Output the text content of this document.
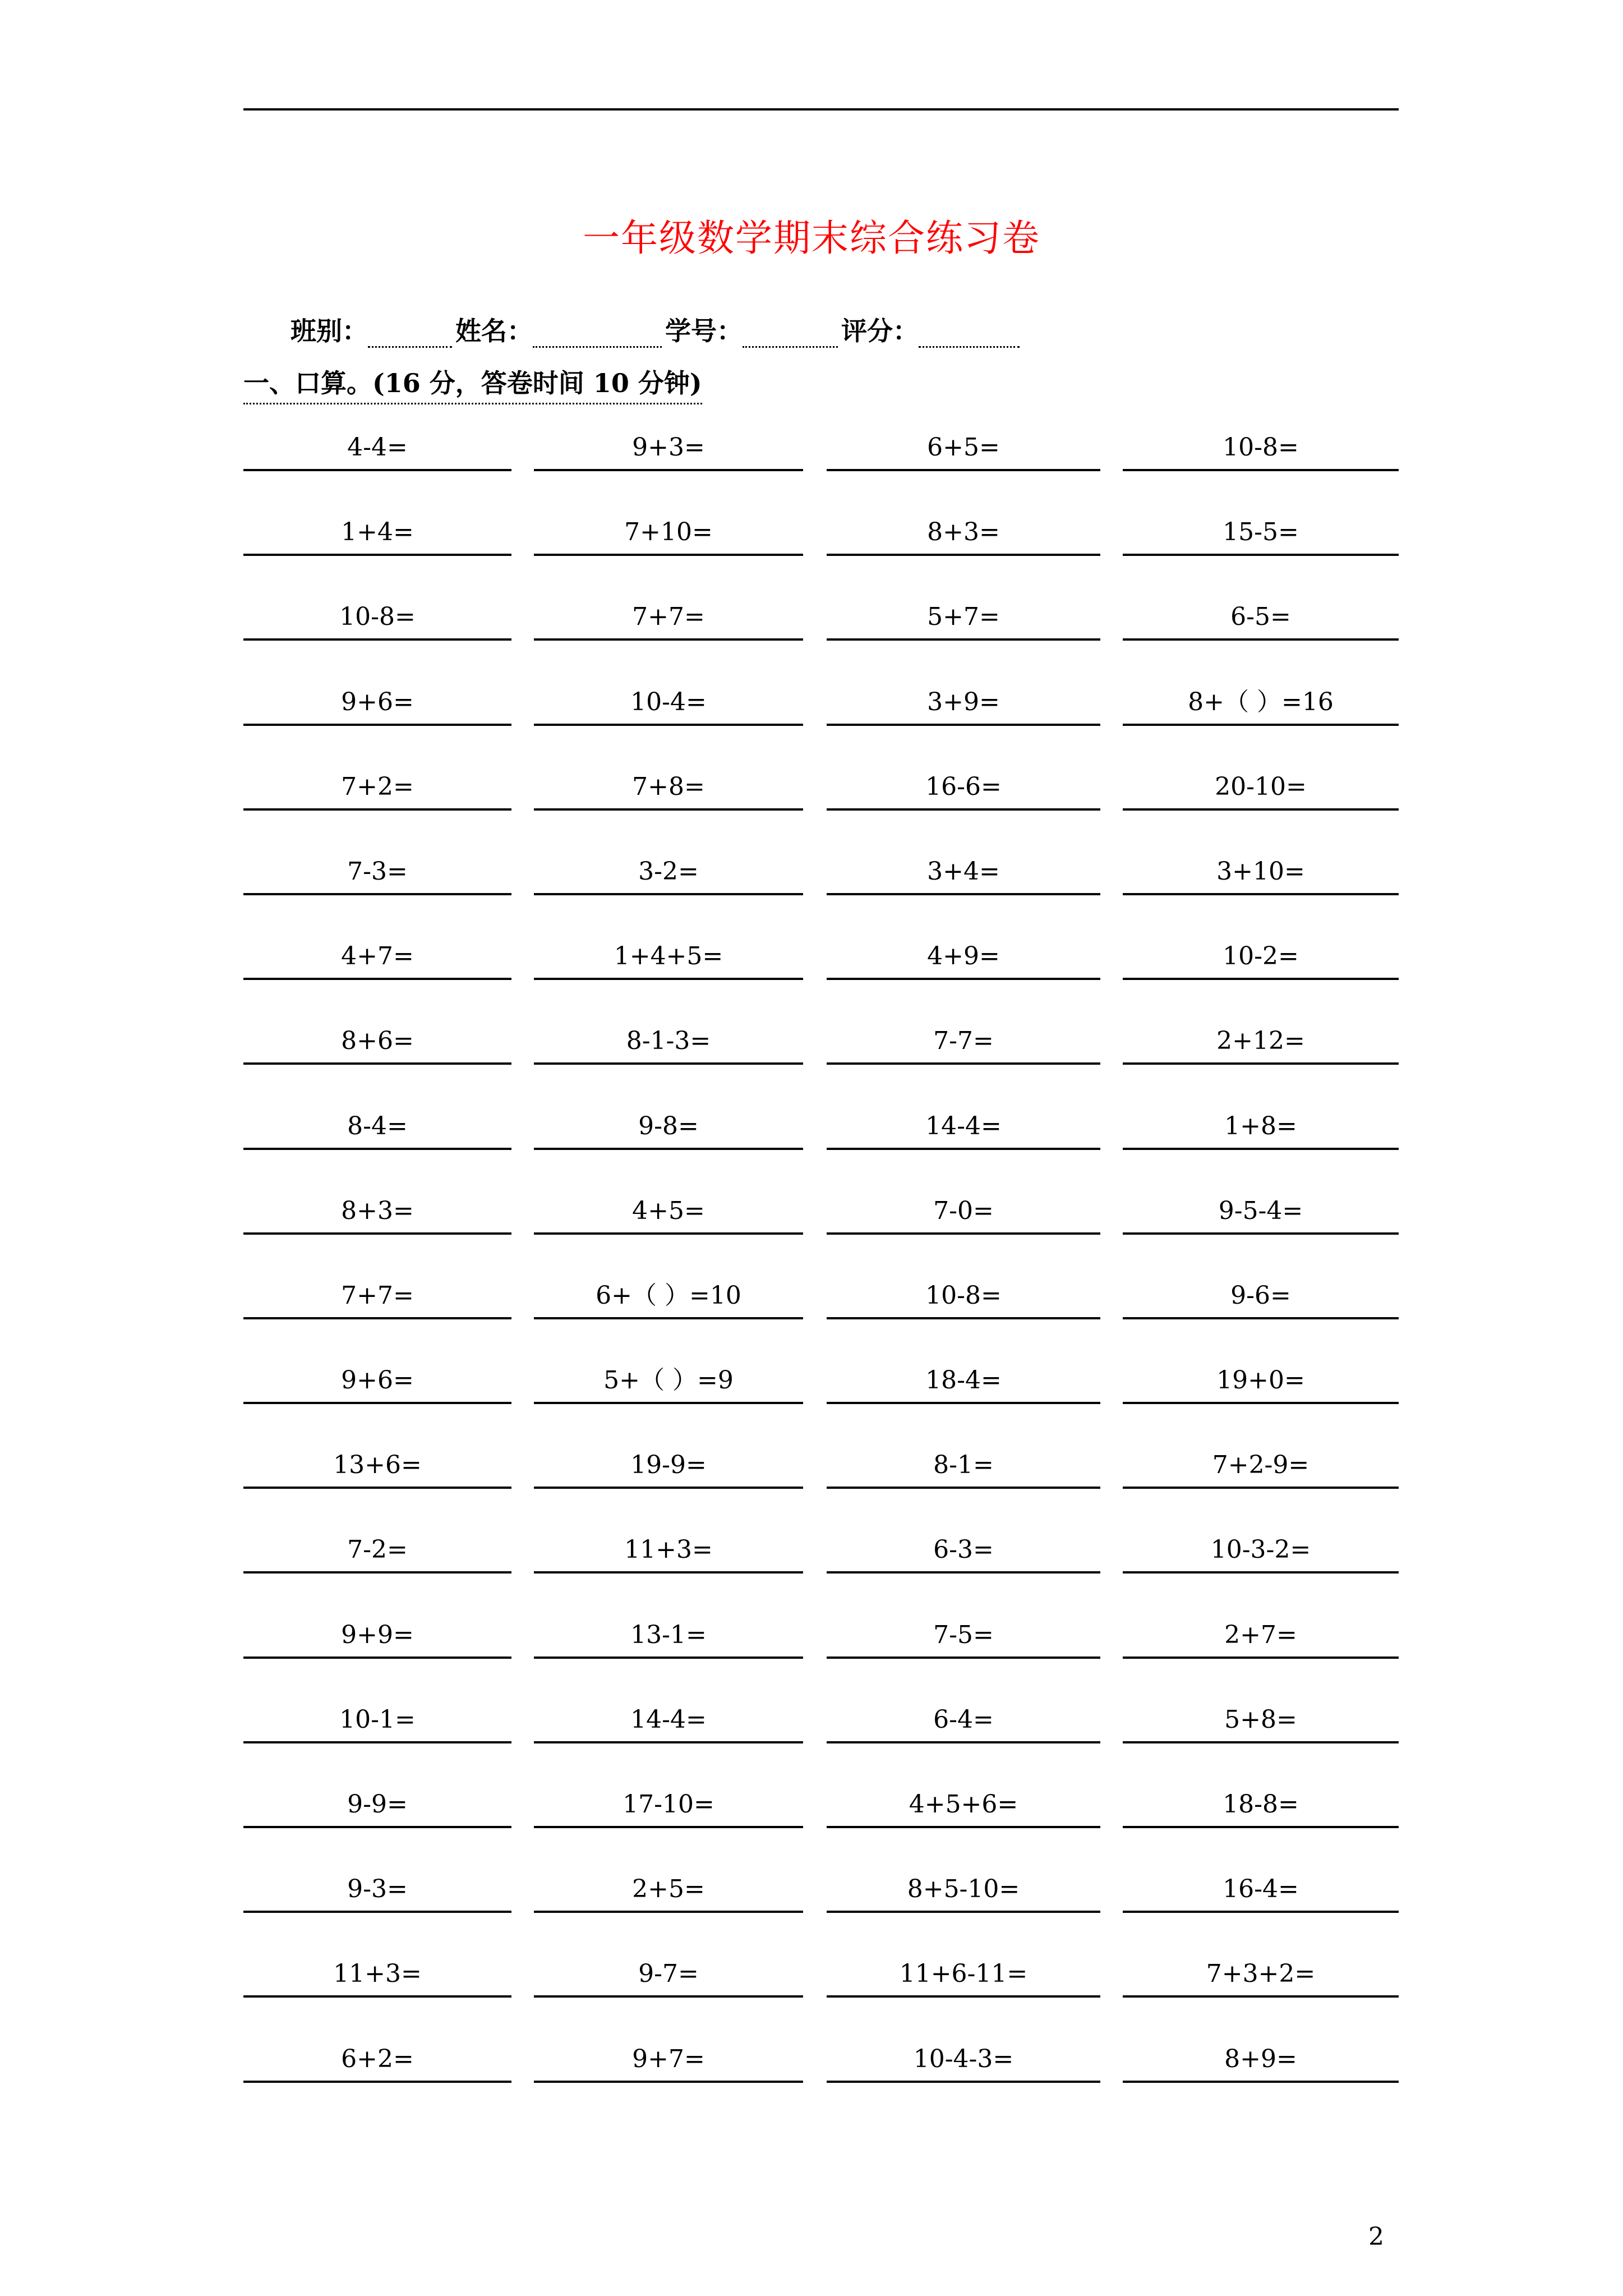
一年级数学期末综合练习卷
班别：	姓名：	学号：	评分：
一、口算。(16 分，答卷时间 10 分钟)
4-4=	9+3=	6+5=	10-8=
1+4=	7+10=	8+3=	15-5=
10-8=	7+7=	5+7=	6-5=
9+6=	10-4=	3+9=	8+（ ）=16
7+2=	7+8=	16-6=	20-10=
7-3=	3-2=	3+4=	3+10=
4+7=	1+4+5=	4+9=	10-2=
8+6=	8-1-3=	7-7=	2+12=
8-4=	9-8=	14-4=	1+8=
8+3=	4+5=	7-0=	9-5-4=
7+7=	6+（ ）=10	10-8=	9-6=
9+6=	5+（ ）=9	18-4=	19+0=
13+6=	19-9=	8-1=	7+2-9=
7-2=	11+3=	6-3=	10-3-2=
9+9=	13-1=	7-5=	2+7=
10-1=	14-4=	6-4=	5+8=
9-9=	17-10=	4+5+6=	18-8=
9-3=	2+5=	8+5-10=	16-4=
11+3=	9-7=	11+6-11=	7+3+2=
6+2=	9+7=	10-4-3=	8+9=
2
